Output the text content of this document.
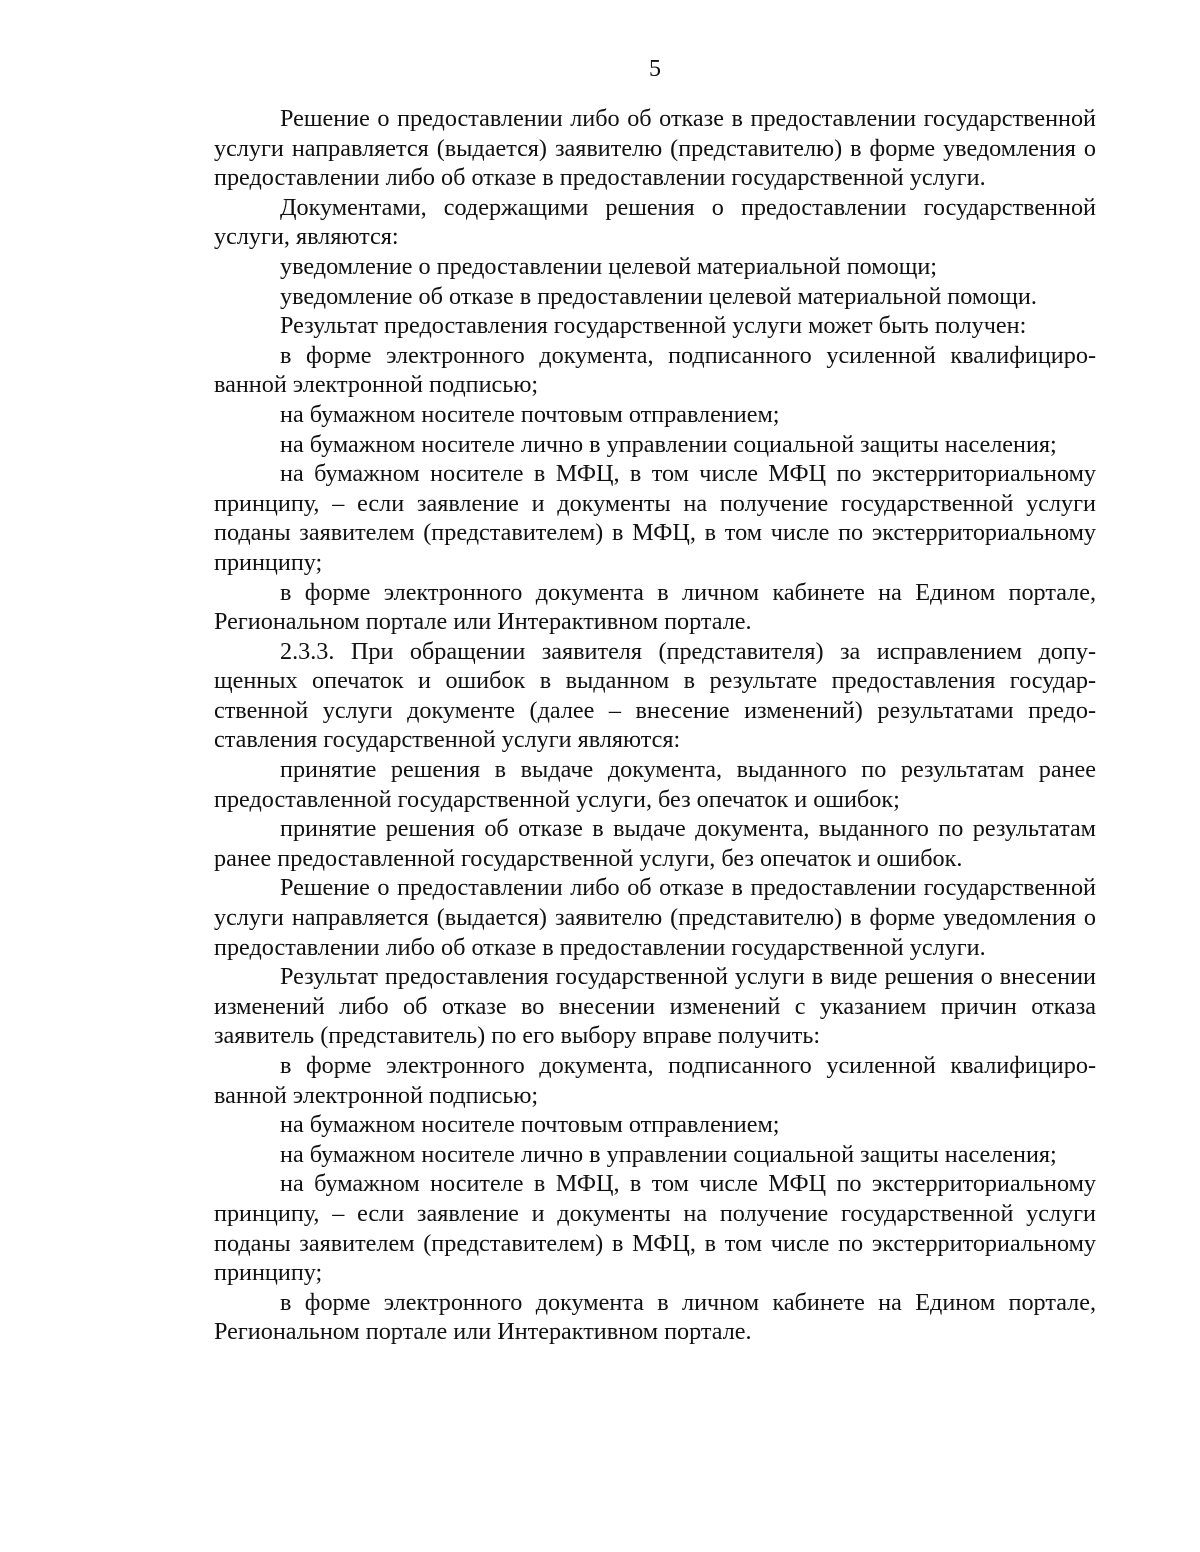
5

Решение о предоставлении либо об отказе в предоставлении государственной услуги направляется (выдается) заявителю (представителю) в форме уведомления о предоставлении либо об отказе в предоставлении государственной услуги.

Документами, содержащими решения о предоставлении государственной услуги, являются:

уведомление о предоставлении целевой материальной помощи;

уведомление об отказе в предоставлении целевой материальной помощи.

Результат предоставления государственной услуги может быть получен:

в форме электронного документа, подписанного усиленной квалифицированной электронной подписью;

на бумажном носителе почтовым отправлением;

на бумажном носителе лично в управлении социальной защиты населения;

на бумажном носителе в МФЦ, в том числе МФЦ по экстерриториальному принципу, – если заявление и документы на получение государственной услуги поданы заявителем (представителем) в МФЦ, в том числе по экстерриториальному принципу;

в форме электронного документа в личном кабинете на Едином портале, Региональном портале или Интерактивном портале.

2.3.3. При обращении заявителя (представителя) за исправлением допущенных опечаток и ошибок в выданном в результате предоставления государственной услуги документе (далее – внесение изменений) результатами предоставления государственной услуги являются:

принятие решения в выдаче документа, выданного по результатам ранее предоставленной государственной услуги, без опечаток и ошибок;

принятие решения об отказе в выдаче документа, выданного по результатам ранее предоставленной государственной услуги, без опечаток и ошибок.

Решение о предоставлении либо об отказе в предоставлении государственной услуги направляется (выдается) заявителю (представителю) в форме уведомления о предоставлении либо об отказе в предоставлении государственной услуги.

Результат предоставления государственной услуги в виде решения о внесении изменений либо об отказе во внесении изменений с указанием причин отказа заявитель (представитель) по его выбору вправе получить:

в форме электронного документа, подписанного усиленной квалифицированной электронной подписью;

на бумажном носителе почтовым отправлением;

на бумажном носителе лично в управлении социальной защиты населения;

на бумажном носителе в МФЦ, в том числе МФЦ по экстерриториальному принципу, – если заявление и документы на получение государственной услуги поданы заявителем (представителем) в МФЦ, в том числе по экстерриториальному принципу;

в форме электронного документа в личном кабинете на Едином портале, Региональном портале или Интерактивном портале.
